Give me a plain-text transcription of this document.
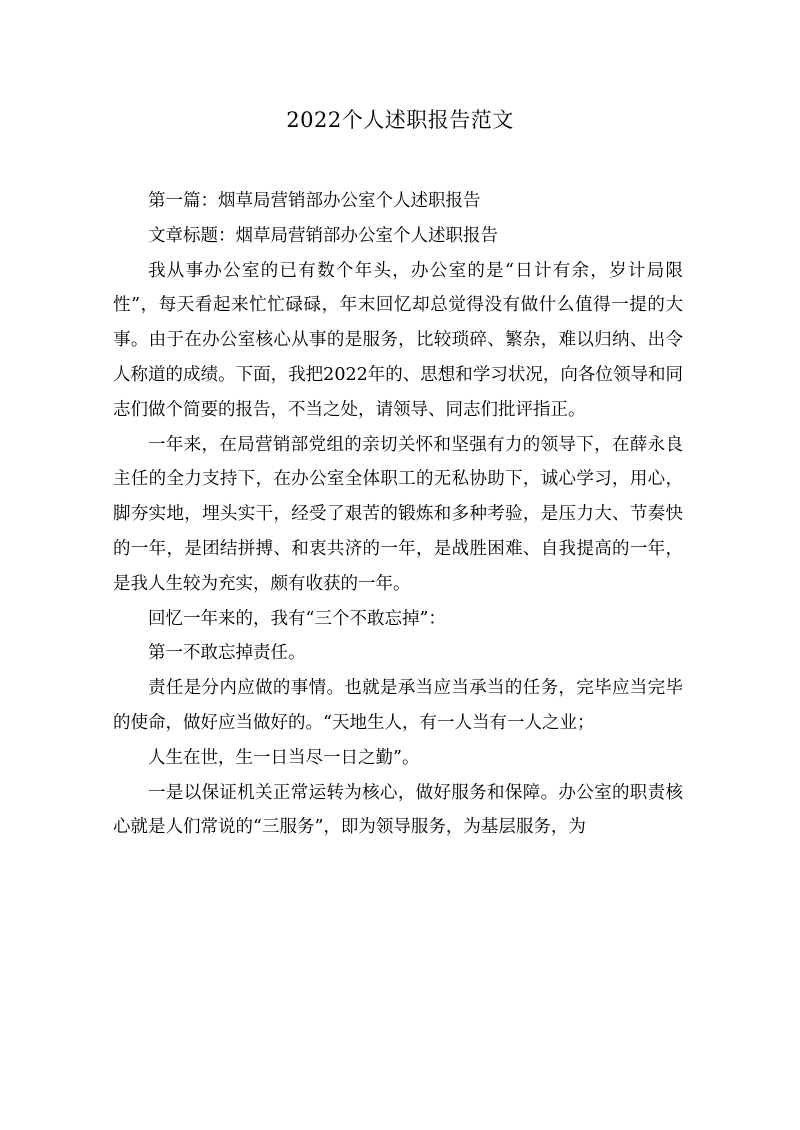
2022个人述职报告范文

第一篇：烟草局营销部办公室个人述职报告

文章标题：烟草局营销部办公室个人述职报告

我从事办公室的已有数个年头，办公室的是“日计有余，岁计局限性”，每天看起来忙忙碌碌，年末回忆却总觉得没有做什么值得一提的大事。由于在办公室核心从事的是服务，比较琐碎、繁杂，难以归纳、出令人称道的成绩。下面，我把2022年的、思想和学习状况，向各位领导和同志们做个简要的报告，不当之处，请领导、同志们批评指正。

一年来，在局营销部党组的亲切关怀和坚强有力的领导下，在薛永良主任的全力支持下，在办公室全体职工的无私协助下，诚心学习，用心，脚夯实地，埋头实干，经受了艰苦的锻炼和多种考验，是压力大、节奏快的一年，是团结拼搏、和衷共济的一年，是战胜困难、自我提高的一年，是我人生较为充实，颇有收获的一年。

回忆一年来的，我有“三个不敢忘掉”：

第一不敢忘掉责任。

责任是分内应做的事情。也就是承当应当承当的任务，完毕应当完毕的使命，做好应当做好的。“天地生人，有一人当有一人之业；

人生在世，生一日当尽一日之勤”。

一是以保证机关正常运转为核心，做好服务和保障。办公室的职责核心就是人们常说的“三服务”，即为领导服务，为基层服务，为
